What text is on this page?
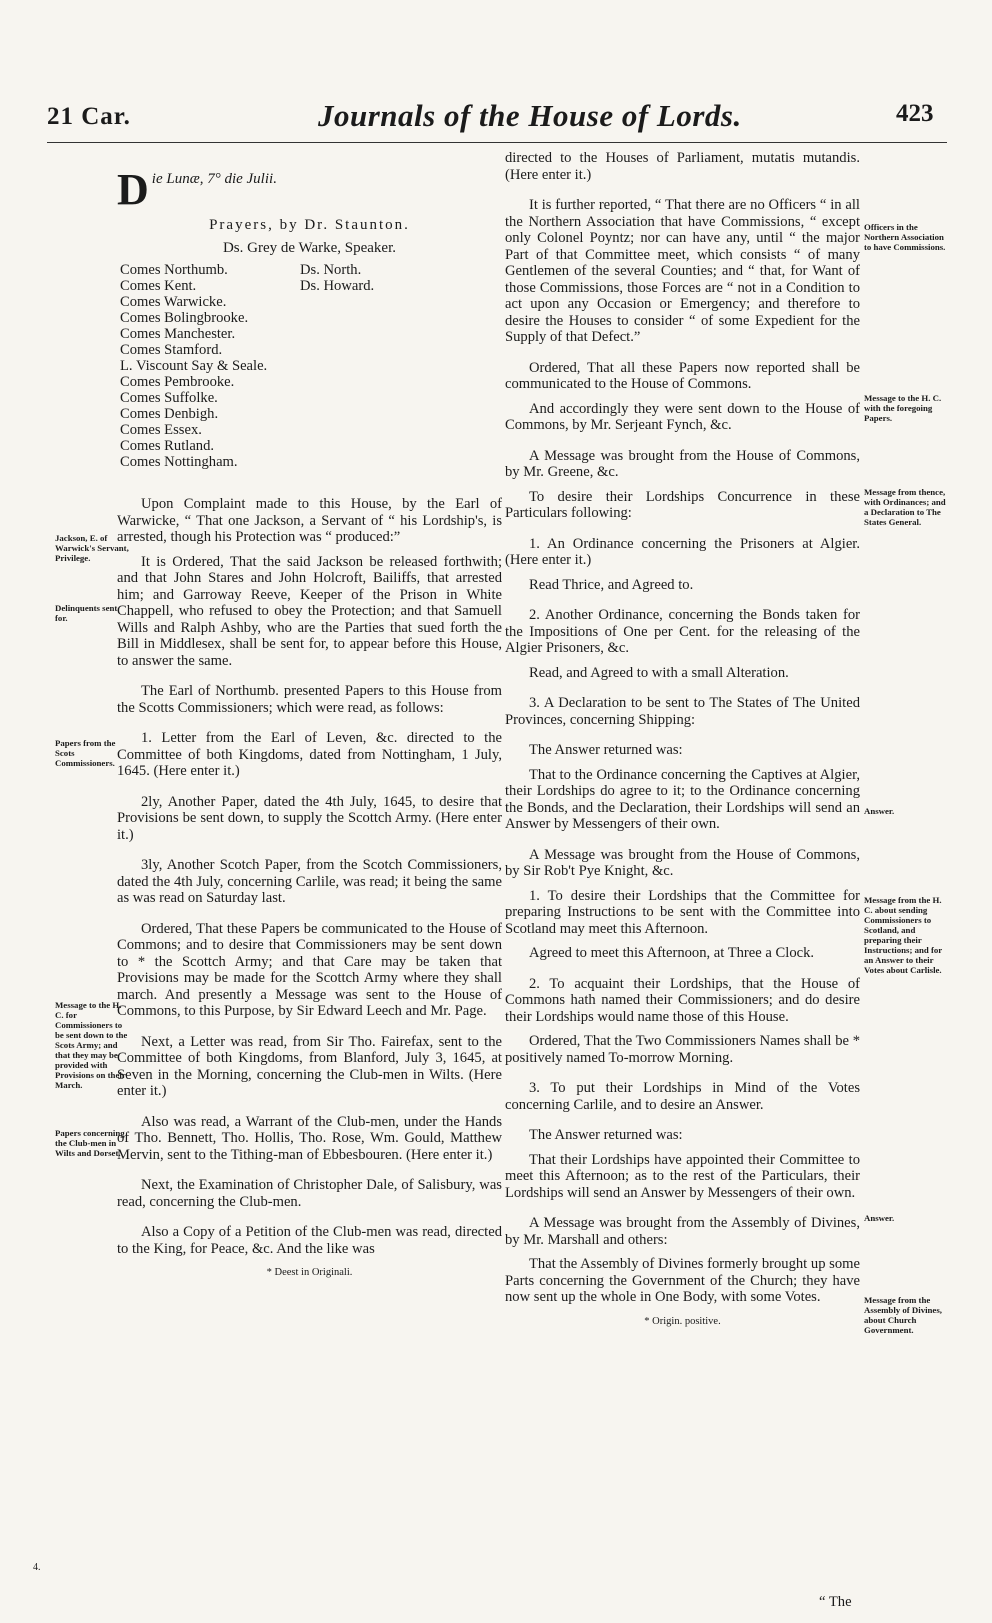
21 Car.	Journals of the House of Lords.	423
D ie Lunæ, 7° die Julii.
Prayers, by Dr. Staunton.
Ds. Grey de Warke, Speaker.
Comes Northumb.
Comes Kent.
Comes Warwicke.
Comes Bolingbrooke.
Comes Manchester.
Comes Stamford.
L. Viscount Say & Seale.
Comes Pembrooke.
Comes Suffolke.
Comes Denbigh.
Comes Essex.
Comes Rutland.
Comes Nottingham.
Ds. North.
Ds. Howard.

Upon Complaint made to this House, by the Earl of Warwicke, “ That one Jackson, a Servant of “ his Lordship's, is arrested, though his Protection was “ produced:”

It is Ordered, That the said Jackson be released forthwith; and that John Stares and John Holcroft, Bailiffs, that arrested him; and Garroway Reeve, Keeper of the Prison in White Chappell, who refused to obey the Protection; and that Samuell Wills and Ralph Ashby, who are the Parties that sued forth the Bill in Middlesex, shall be sent for, to appear before this House, to answer the same.

The Earl of Northumb. presented Papers to this House from the Scotts Commissioners; which were read, as follows:

1. Letter from the Earl of Leven, &c. directed to the Committee of both Kingdoms, dated from Nottingham, 1 July, 1645. (Here enter it.)

2ly, Another Paper, dated the 4th July, 1645, to desire that Provisions be sent down, to supply the Scottch Army. (Here enter it.)

3ly, Another Scotch Paper, from the Scotch Commissioners, dated the 4th July, concerning Carlile, was read; it being the same as was read on Saturday last.

Ordered, That these Papers be communicated to the House of Commons; and to desire that Commissioners may be sent down to * the Scottch Army; and that Care may be taken that Provisions may be made for the Scottch Army where they shall march. And presently a Message was sent to the House of Commons, to this Purpose, by Sir Edward Leech and Mr. Page.

Next, a Letter was read, from Sir Tho. Fairefax, sent to the Committee of both Kingdoms, from Blanford, July 3, 1645, at Seven in the Morning, concerning the Club-men in Wilts. (Here enter it.)

Also was read, a Warrant of the Club-men, under the Hands of Tho. Bennett, Tho. Hollis, Tho. Rose, Wm. Gould, Matthew Mervin, sent to the Tithing-man of Ebbesbouren. (Here enter it.)

Next, the Examination of Christopher Dale, of Salisbury, was read, concerning the Club-men.

Also a Copy of a Petition of the Club-men was read, directed to the King, for Peace, &c. And the like was

* Deest in Originali.
Jackson, E. of Warwick's Servant, Privilege.
Delinquents sent for.
Papers from the Scots Commissioners.
Message to the H. C. for Commissioners to be sent down to the Scots Army; and that they may be provided with Provisions on their March.
Papers concerning the Club-men in Wilts and Dorset.

directed to the Houses of Parliament, mutatis mutandis. (Here enter it.)

It is further reported, “ That there are no Officers “ in all the Northern Association that have Commissions, “ except only Colonel Poyntz; nor can have any, until “ the major Part of that Committee meet, which consists “ of many Gentlemen of the several Counties; and “ that, for Want of those Commissions, those Forces are “ not in a Condition to act upon any Occasion or Emergency; and therefore to desire the Houses to consider “ of some Expedient for the Supply of that Defect.”

Ordered, That all these Papers now reported shall be communicated to the House of Commons.

And accordingly they were sent down to the House of Commons, by Mr. Serjeant Fynch, &c.

A Message was brought from the House of Commons, by Mr. Greene, &c.

To desire their Lordships Concurrence in these Particulars following:

1. An Ordinance concerning the Prisoners at Algier. (Here enter it.)

Read Thrice, and Agreed to.

2. Another Ordinance, concerning the Bonds taken for the Impositions of One per Cent. for the releasing of the Algier Prisoners, &c.

Read, and Agreed to with a small Alteration.

3. A Declaration to be sent to The States of The United Provinces, concerning Shipping:

The Answer returned was:

That to the Ordinance concerning the Captives at Algier, their Lordships do agree to it; to the Ordinance concerning the Bonds, and the Declaration, their Lordships will send an Answer by Messengers of their own.

A Message was brought from the House of Commons, by Sir Rob't Pye Knight, &c.

1. To desire their Lordships that the Committee for preparing Instructions to be sent with the Committee into Scotland may meet this Afternoon.

Agreed to meet this Afternoon, at Three a Clock.

2. To acquaint their Lordships, that the House of Commons hath named their Commissioners; and do desire their Lordships would name those of this House.

Ordered, That the Two Commissioners Names shall be * positively named To-morrow Morning.

3. To put their Lordships in Mind of the Votes concerning Carlile, and to desire an Answer.

The Answer returned was:

That their Lordships have appointed their Committee to meet this Afternoon; as to the rest of the Particulars, their Lordships will send an Answer by Messengers of their own.

A Message was brought from the Assembly of Divines, by Mr. Marshall and others:

That the Assembly of Divines formerly brought up some Parts concerning the Government of the Church; they have now sent up the whole in One Body, with some Votes.

* Origin. positive.
Officers in the Northern Association to have Commissions.
Message to the H. C. with the foregoing Papers.
Message from thence, with Ordinances; and a Declaration to The States General.
Answer.
Message from the H. C. about sending Commissioners to Scotland, and preparing their Instructions; and for an Answer to their Votes about Carlisle.
Answer.
Message from the Assembly of Divines, about Church Government.
“ The
4.
